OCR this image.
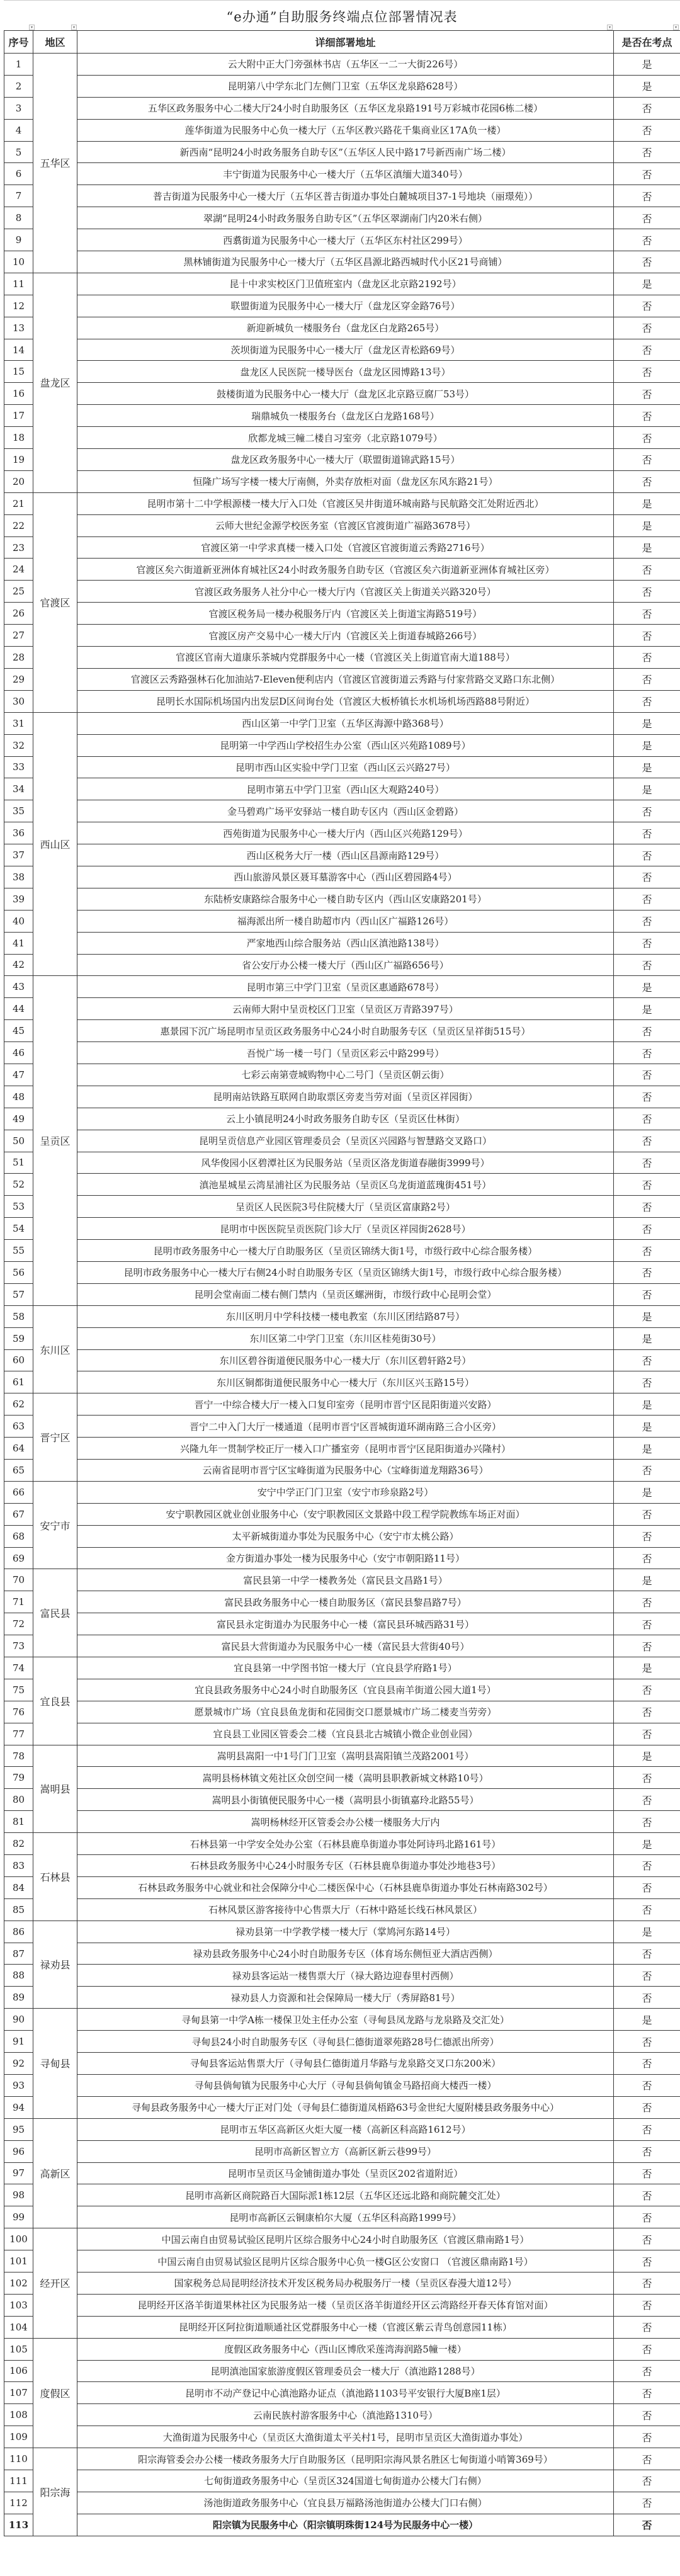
“e办通”自助服务终端点位部署情况表
▾	▾	▾	▾
序号	地区	详细部署地址	是否在考点
1	五华区	云大附中正大门旁强林书店（五华区一二一大街226号）	是
2		昆明第八中学东北门左侧门卫室（五华区龙泉路628号）	是
3		五华区政务服务中心二楼大厅24小时自助服务区（五华区龙泉路191号万彩城市花园6栋二楼）	否
4		莲华街道为民服务中心负一楼大厅（五华区教兴路花千集商业区17A负一楼）	否
5		新西南“昆明24小时政务服务自助专区”（五华区人民中路17号新西南广场二楼）	否
6		丰宁街道为民服务中心一楼大厅（五华区滇缅大道340号）	否
7		普吉街道为民服务中心一楼大厅（五华区普吉街道办事处白麓城项目37-1号地块（丽璟苑））	否
8		翠湖“昆明24小时政务服务自助专区”（五华区翠湖南门内20米右侧）	否
9		西翥街道为民服务中心一楼大厅（五华区东村社区299号）	否
10		黑林铺街道为民服务中心一楼大厅（五华区昌源北路西城时代小区21号商铺）	否
11	盘龙区	昆十中求实校区门卫值班室内（盘龙区北京路2192号）	是
12		联盟街道为民服务中心一楼大厅（盘龙区穿金路76号）	否
13		新迎新城负一楼服务台（盘龙区白龙路265号）	否
14		茨坝街道为民服务中心一楼大厅（盘龙区青松路69号）	否
15		盘龙区人民医院一楼导医台（盘龙区园博路13号）	否
16		鼓楼街道为民服务中心一楼大厅（盘龙区北京路豆腐厂53号）	否
17		瑞鼎城负一楼服务台（盘龙区白龙路168号）	否
18		欣都龙城三幢二楼自习室旁（北京路1079号）	否
19		盘龙区政务服务中心一楼大厅（联盟街道锦武路15号）	否
20		恒隆广场写字楼一楼大厅南侧，外卖存放柜对面（盘龙区东风东路21号）	否
21	官渡区	昆明市第十二中学根源楼一楼大厅入口处（官渡区吴井街道环城南路与民航路交汇处附近西北）	是
22		云师大世纪金源学校医务室（官渡区官渡街道广福路3678号）	是
23		官渡区第一中学求真楼一楼入口处（官渡区官渡街道云秀路2716号）	是
24		官渡区矣六街道新亚洲体育城社区24小时政务服务自助专区（官渡区矣六街道新亚洲体育城社区旁）	否
25		官渡区政务服务人社分中心一楼大厅内（官渡区关上街道关兴路320号）	否
26		官渡区税务局一楼办税服务厅内（官渡区关上街道宝海路519号）	否
27		官渡区房产交易中心一楼大厅内（官渡区关上街道春城路266号）	否
28		官渡区官南大道康乐茶城内党群服务中心一楼（官渡区关上街道官南大道188号）	否
29		官渡区云秀路强林石化加油站7-Eleven便利店内（官渡区官渡街道云秀路与付家营路交叉路口东北侧）	否
30		昆明长水国际机场国内出发层D区问询台处（官渡区大板桥镇长水机场机场西路88号附近）	否
31	西山区	西山区第一中学门卫室（五华区海源中路368号）	是
32		昆明第一中学西山学校招生办公室（西山区兴苑路1089号）	是
33		昆明市西山区实验中学门卫室（西山区云兴路27号）	是
34		昆明市第五中学门卫室（西山区大观路240号）	是
35		金马碧鸡广场平安驿站一楼自助专区内（西山区金碧路）	否
36		西苑街道为民服务中心一楼大厅内（西山区兴苑路129号）	否
37		西山区税务大厅一楼（西山区昌源南路129号）	否
38		西山旅游风景区聂耳墓游客中心（西山区碧园路4号）	否
39		东陆桥安康路综合服务中心一楼自助专区内（西山区安康路201号）	否
40		福海派出所一楼自助超市内（西山区广福路126号）	否
41		严家地西山综合服务站（西山区滇池路138号）	否
42		省公安厅办公楼一楼大厅（西山区广福路656号）	否
43	呈贡区	昆明市第三中学门卫室（呈贡区惠通路678号）	是
44		云南师大附中呈贡校区门卫室（呈贡区万青路397号）	是
45		惠景园下沉广场昆明市呈贡区政务服务中心24小时自助服务专区（呈贡区呈祥街515号）	否
46		吾悦广场一楼一号门（呈贡区彩云中路299号）	否
47		七彩云南第壹城购物中心二号门（呈贡区朝云街）	否
48		昆明南站铁路互联网自助取票区旁麦当劳对面（呈贡区祥园街）	否
49		云上小镇昆明24小时政务服务自助专区（呈贡区仕林街）	否
50		昆明呈贡信息产业园区管理委员会（呈贡区兴园路与智慧路交叉路口）	否
51		风华俊园小区碧潭社区为民服务站（呈贡区洛龙街道春融街3999号）	否
52		滇池星城星云湾星浦社区为民服务站（呈贡区乌龙街道蓝瑰街451号）	否
53		呈贡区人民医院3号住院楼大厅（呈贡区富康路2号）	否
54		昆明市中医医院呈贡医院门诊大厅（呈贡区祥园街2628号）	否
55		昆明市政务服务中心一楼大厅自助服务区（呈贡区锦绣大街1号，市级行政中心综合服务楼）	否
56		昆明市政务服务中心一楼大厅右侧24小时自助服务专区（呈贡区锦绣大街1号，市级行政中心综合服务楼）	否
57		昆明会堂南面二楼右侧门禁内（呈贡区螺洲街，市级行政中心昆明会堂）	否
58	东川区	东川区明月中学科技楼一楼电教室（东川区团结路87号）	是
59		东川区第二中学门卫室（东川区桂苑街30号）	是
60		东川区碧谷街道便民服务中心一楼大厅（东川区碧轩路2号）	否
61		东川区铜都街道便民服务中心一楼大厅（东川区兴玉路15号）	否
62	晋宁区	晋宁一中综合楼大厅一楼入口复印室旁（昆明市晋宁区昆阳街道兴安路）	是
63		晋宁二中入门大厅一楼通道（昆明市晋宁区晋城街道环湖南路三合小区旁）	是
64		兴隆九年一贯制学校正厅一楼入口广播室旁（昆明市晋宁区昆阳街道办兴隆村）	是
65		云南省昆明市晋宁区宝峰街道为民服务中心（宝峰街道龙翔路36号）	否
66	安宁市	安宁中学正门门卫室（安宁市珍泉路2号）	是
67		安宁职教园区就业创业服务中心（安宁职教园区文景路中段工程学院教练车场正对面）	否
68		太平新城街道办事处为民服务中心（安宁市太桃公路）	否
69		金方街道办事处一楼为民服务中心（安宁市朝阳路11号）	否
70	富民县	富民县第一中学一楼教务处（富民县文昌路1号）	是
71		富民县政务服务中心一楼自助服务区（富民县黎昌路7号）	否
72		富民县永定街道办为民服务中心一楼（富民县环城西路31号）	否
73		富民县大营街道办为民服务中心一楼（富民县大营街40号）	否
74	宜良县	宜良县第一中学图书馆一楼大厅（宜良县学府路1号）	是
75		宜良县政务服务中心24小时自助服务区（宜良县南羊街道公园大道1号）	否
76		愿景城市广场（宜良县鱼龙街和花园街交口愿景城市广场二楼麦当劳旁）	否
77		宜良县工业园区管委会二楼（宜良县北古城镇小微企业创业园）	否
78	嵩明县	嵩明县嵩阳一中1号门门卫室（嵩明县嵩阳镇兰茂路2001号）	是
79		嵩明县杨林镇文苑社区众创空间一楼（嵩明县职教新城文林路10号）	否
80		嵩明县小街镇便民服务中心一楼（嵩明县小街镇嘉玲北路55号）	否
81		嵩明杨林经开区管委会办公楼一楼服务大厅内	否
82	石林县	石林县第一中学安全处办公室（石林县鹿阜街道办事处阿诗玛北路161号）	是
83		石林县政务服务中心24小时服务专区（石林县鹿阜街道办事处沙地巷3号）	否
84		石林县政务服务中心就业和社会保障分中心二楼医保中心（石林县鹿阜街道办事处石林南路302号）	否
85		石林风景区游客接待中心售票大厅（石林中路延长线石林风景区）	否
86	禄劝县	禄劝县第一中学教学楼一楼大厅（掌鸠河东路14号）	是
87		禄劝县政务服务中心24小时自助服务专区（体育场东侧恒亚大酒店西侧）	否
88		禄劝县客运站一楼售票大厅（禄大路边迎春里村西侧）	否
89		禄劝县人力资源和社会保障局一楼大厅（秀屏路81号）	否
90	寻甸县	寻甸县第一中学A栋一楼保卫处主任办公室（寻甸县凤龙路与龙泉路及交汇处）	是
91		寻甸县24小时自助服务专区（寻甸县仁德街道翠苑路28号仁德派出所旁）	否
92		寻甸县客运站售票大厅（寻甸县仁德街道月华路与龙泉路交叉口东200米）	否
93		寻甸县倘甸镇为民服务中心大厅（寻甸县倘甸镇金马路招商大楼西一楼）	否
94		寻甸县政务服务中心一楼大厅正对门处（寻甸县仁德街道凤梧路63号金世纪大厦附楼县政务服务中心）	否
95	高新区	昆明市五华区高新区火炬大厦一楼（高新区科高路1612号）	否
96		昆明市高新区智立方（高新区新云巷99号）	否
97		昆明市呈贡区马金铺街道办事处（呈贡区202省道附近）	否
98		昆明市高新区商院路百大国际派1栋12层（五华区还远北路和商院麓交汇处）	否
99		昆明市高新区云铜康柏尔大厦（五华区科高路1999号）	否
100	经开区	中国云南自由贸易试验区昆明片区综合服务中心24小时自助服务区（官渡区鼎南路1号）	否
101		中国云南自由贸易试验区昆明片区综合服务中心负一楼G区公安窗口 （官渡区鼎南路1号）	否
102		国家税务总局昆明经济技术开发区税务局办税服务厅一楼（呈贡区春漫大道12号）	否
103		昆明经开区洛羊街道果林社区为民服务站一楼（呈贡区洛羊街道经开区云湾路经开春天体育馆对面）	否
104		昆明经开区阿拉街道顺通社区党群服务中心一楼（官渡区紫云青鸟创意园11栋）	否
105	度假区	度假区政务服务中心（西山区博欣采莲湾海润路5幢一楼）	否
106		昆明滇池国家旅游度假区管理委员会一楼大厅（滇池路1288号）	否
107		昆明市不动产登记中心滇池路办证点（滇池路1103号平安银行大厦B座1层）	否
108		云南民族村游客服务中心（滇池路1310号）	否
109		大渔街道为民服务中心（呈贡区大渔街道太平关村1号，昆明市呈贡区大渔街道办事处）	否
110	阳宗海	阳宗海管委会办公楼一楼政务服务大厅自助服务区（昆明阳宗海风景名胜区七甸街道小哨箐369号）	否
111		七甸街道政务服务中心（呈贡区324国道七甸街道办公楼大门右侧）	否
112		汤池街道政务服务中心（宜良县万福路汤池街道办公楼大门口右侧）	否
113		阳宗镇为民服务中心（阳宗镇明珠街124号为民服务中心一楼）	否
